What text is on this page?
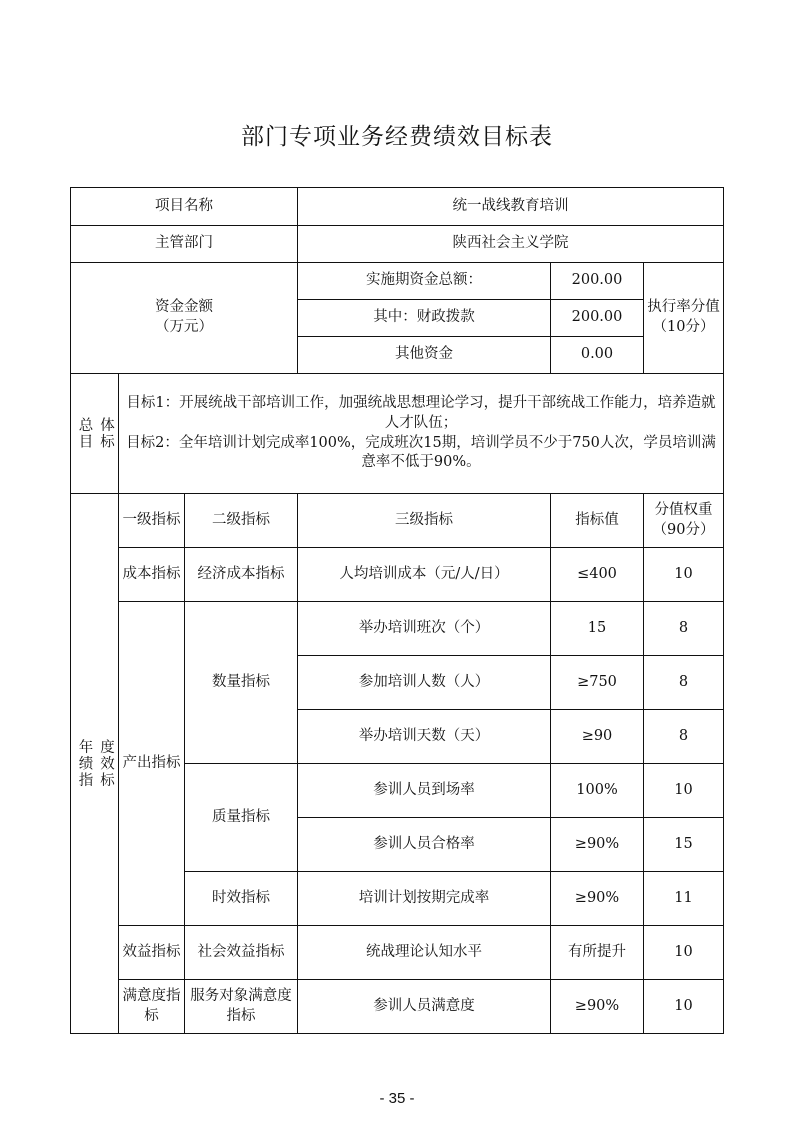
部门专项业务经费绩效目标表
项目名称			统一战线教育培训		
主管部门			陕西社会主义学院		

资金金额
（万元）			实施期资金总额：	200.00	执行率分值（10分）
			其中：财政拨款	200.00	
			其他资金	0.00	

总目 体标	目标1：开展统战干部培训工作，加强统战思想理论学习，提升干部统战工作能力，培养造就人才队伍；
目标2：全年培训计划完成率100%，完成班次15期，培训学员不少于750人次，学员培训满意率不低于90%。				

年绩指 度效标	一级指标	二级指标	三级指标	指标值	分值权重（90分）
	成本指标	经济成本指标	人均培训成本（元/人/日）	≤400	10
	产出指标	数量指标	举办培训班次（个）	15	8
			参加培训人数（人）	≥750	8
			举办培训天数（天）	≥90	8
		质量指标	参训人员到场率	100%	10
			参训人员合格率	≥90%	15
		时效指标	培训计划按期完成率	≥90%	11
	效益指标	社会效益指标	统战理论认知水平	有所提升	10
	满意度指标	服务对象满意度指标	参训人员满意度	≥90%	10
- 35 -
